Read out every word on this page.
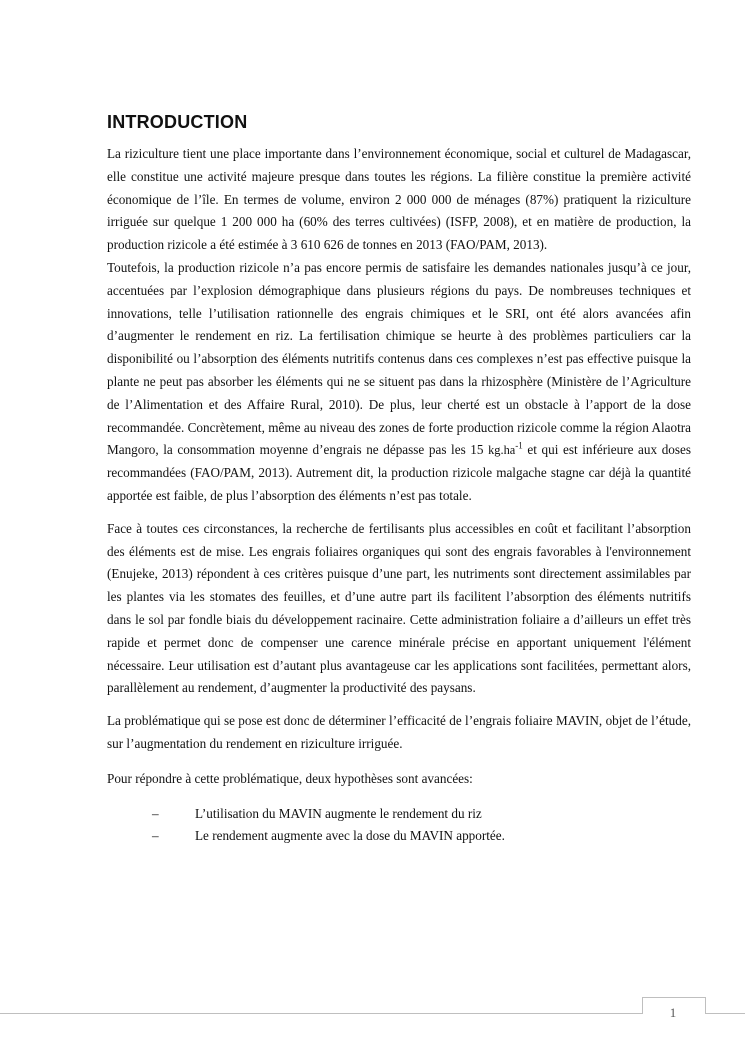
INTRODUCTION

La riziculture tient une place importante dans l’environnement économique, social et culturel de Madagascar, elle constitue une activité majeure presque dans toutes les régions. La filière constitue la première activité économique de l’île. En termes de volume, environ 2 000 000 de ménages (87%) pratiquent la riziculture irriguée sur quelque 1 200 000 ha (60% des terres cultivées) (ISFP, 2008), et en matière de production, la production rizicole a été estimée à 3 610 626 de tonnes en 2013 (FAO/PAM, 2013).

Toutefois, la production rizicole n’a pas encore permis de satisfaire les demandes nationales jusqu’à ce jour, accentuées par l’explosion démographique dans plusieurs régions du pays. De nombreuses techniques et innovations, telle l’utilisation rationnelle des engrais chimiques et le SRI, ont été alors avancées afin d’augmenter le rendement en riz. La fertilisation chimique se heurte à des problèmes particuliers car la disponibilité ou l’absorption des éléments nutritifs contenus dans ces complexes n’est pas effective puisque la plante ne peut pas absorber les éléments qui ne se situent pas dans la rhizosphère (Ministère de l’Agriculture de l’Alimentation et des Affaire Rural, 2010). De plus, leur cherté est un obstacle à l’apport de la dose recommandée. Concrètement, même au niveau des zones de forte production rizicole comme la région Alaotra Mangoro, la consommation moyenne d’engrais ne dépasse pas les 15 $kg.ha^{-1}$ et qui est inférieure aux doses recommandées (FAO/PAM, 2013). Autrement dit, la production rizicole malgache stagne car déjà la quantité apportée est faible, de plus l’absorption des éléments n’est pas totale.

Face à toutes ces circonstances, la recherche de fertilisants plus accessibles en coût et facilitant l’absorption des éléments est de mise. Les engrais foliaires organiques qui sont des engrais favorables à l'environnement (Enujeke, 2013) répondent à ces critères puisque d’une part, les nutriments sont directement assimilables par les plantes via les stomates des feuilles, et d’une autre part ils facilitent l’absorption des éléments nutritifs dans le sol par fondle biais du développement racinaire. Cette administration foliaire a d’ailleurs un effet très rapide et permet donc de compenser une carence minérale précise en apportant uniquement l'élément nécessaire. Leur utilisation est d’autant plus avantageuse car les applications sont facilitées, permettant alors, parallèlement au rendement, d’augmenter la productivité des paysans.

La problématique qui se pose est donc de déterminer l’efficacité de l’engrais foliaire MAVIN, objet de l’étude, sur l’augmentation du rendement en riziculture irriguée.

Pour répondre à cette problématique, deux hypothèses sont avancées:

–	L’utilisation du MAVIN augmente le rendement du riz
–	Le rendement augmente avec la dose du MAVIN apportée.
1
